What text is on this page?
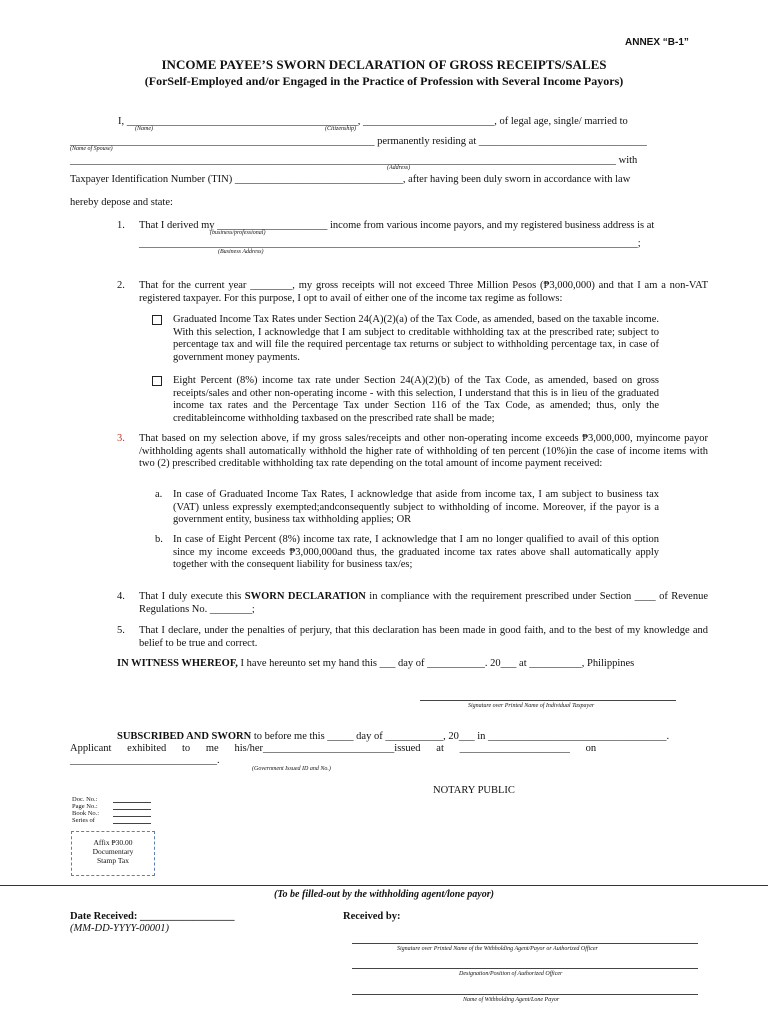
ANNEX “B-1”
INCOME PAYEE’S SWORN DECLARATION OF GROSS RECEIPTS/SALES
(ForSelf-Employed and/or Engaged in the Practice of Profession with Several Income Payors)
I, ____________________________________________, _________________________, of legal age, single/ married to
(Name)	(Citizenship)
__________________________________________________________ permanently residing at ________________________________
(Name of Spouse)
________________________________________________________________________________________________________ with
(Address)
Taxpayer Identification Number (TIN) ________________________________, after having been duly sworn in accordance with law
hereby depose and state:
1. That I derived my _____________________ income from various income payors, and my registered business address is at
(business/professional)
_______________________________________________________________________________________________;
(Business Address)
2. That for the current year ________, my gross receipts will not exceed Three Million Pesos (₱3,000,000) and that I am a non-VAT registered taxpayer. For this purpose, I opt to avail of either one of the income tax regime as follows:
Graduated Income Tax Rates under Section 24(A)(2)(a) of the Tax Code, as amended, based on the taxable income. With this selection, I acknowledge that I am subject to creditable withholding tax at the prescribed rate; subject to percentage tax and will file the required percentage tax returns or subject to withholding percentage tax, in case of government money payments.
Eight Percent (8%) income tax rate under Section 24(A)(2)(b) of the Tax Code, as amended, based on gross receipts/sales and other non-operating income - with this selection, I understand that this is in lieu of the graduated income tax rates and the Percentage Tax under Section 116 of the Tax Code, as amended; thus, only the creditableincome withholding taxbased on the prescribed rate shall be made;
3. That based on my selection above, if my gross sales/receipts and other non-operating income exceeds ₱3,000,000, myincome payor /withholding agents shall automatically withhold the higher rate of withholding of ten percent (10%)in the case of income items with two (2) prescribed creditable withholding tax rate depending on the total amount of income payment received:
a. In case of Graduated Income Tax Rates, I acknowledge that aside from income tax, I am subject to business tax (VAT) unless expressly exempted;andconsequently subject to withholding of income. Moreover, if the payor is a government entity, business tax withholding applies; OR
b. In case of Eight Percent (8%) income tax rate, I acknowledge that I am no longer qualified to avail of this option since my income exceeds ₱3,000,000and thus, the graduated income tax rates above shall automatically apply together with the consequent liability for business tax/es;
4. That I duly execute this SWORN DECLARATION in compliance with the requirement prescribed under Section ____ of Revenue Regulations No. ________;
5. That I declare, under the penalties of perjury, that this declaration has been made in good faith, and to the best of my knowledge and belief to be true and correct.
IN WITNESS WHEREOF, I have hereunto set my hand this ___ day of ___________. 20___ at __________, Philippines
Signature over Printed Name of Individual Taxpayer
SUBSCRIBED AND SWORN to before me this _____ day of ___________, 20___ in __________________________________.
Applicant      exhibited      to      me      his/her_________________________issued      at      _____________________      on
____________________________.
(Government Issued ID and No.)
NOTARY PUBLIC
Doc. No.:
Page No.:
Book No.:
Series of
Affix ₱30.00
Documentary
Stamp Tax
(To be filled-out by the withholding agent/lone payor)
Date Received: __________________
(MM-DD-YYYY-00001)
Received by:
Signature over Printed Name of the Withholding Agent/Payor or Authorized Officer
Designation/Position of Authorized Officer
Name of Withholding Agent/Lone Payor
